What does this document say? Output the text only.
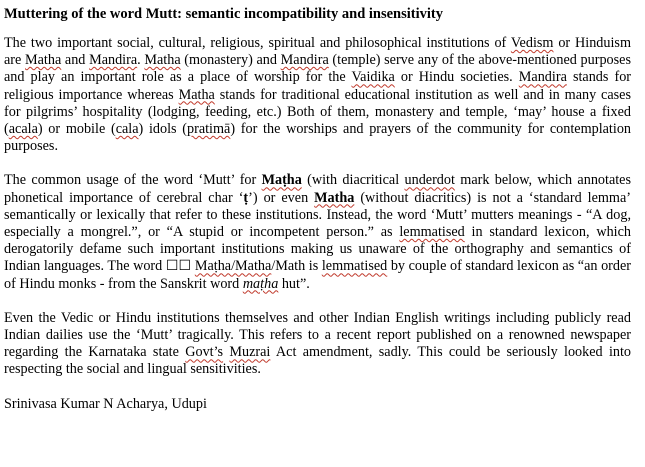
Muttering of the word Mutt: semantic incompatibility and insensitivity

The two important social, cultural, religious, spiritual and philosophical institutions of Vedism or Hinduism are Matha and Mandira. Matha (monastery) and Mandira (temple) serve any of the above-mentioned purposes and play an important role as a place of worship for the Vaidika or Hindu societies. Mandira stands for religious importance whereas Matha stands for traditional educational institution as well and in many cases for pilgrims’ hospitality (lodging, feeding, etc.) Both of them, monastery and temple, ‘may’ house a fixed (acala) or mobile (cala) idols (pratimā) for the worships and prayers of the community for contemplation purposes.

The common usage of the word ‘Mutt’ for Maṭha (with diacritical underdot mark below, which annotates phonetical importance of cerebral char ‘ṭ’) or even Matha (without diacritics) is not a ‘standard lemma’ semantically or lexically that refer to these institutions. Instead, the word ‘Mutt’ mutters meanings - “A dog, especially a mongrel.”, or “A stupid or incompetent person.” as lemmatised in standard lexicon, which derogatorily defame such important institutions making us unaware of the orthography and semantics of Indian languages. The word ☐☐ Maṭha/Matha/Math is lemmatised by couple of standard lexicon as “an order of Hindu monks - from the Sanskrit word maṭha hut”.

Even the Vedic or Hindu institutions themselves and other Indian English writings including publicly read Indian dailies use the ‘Mutt’ tragically. This refers to a recent report published on a renowned newspaper regarding the Karnataka state Govt’s Muzrai Act amendment, sadly. This could be seriously looked into respecting the social and lingual sensitivities.

Srinivasa Kumar N Acharya, Udupi
